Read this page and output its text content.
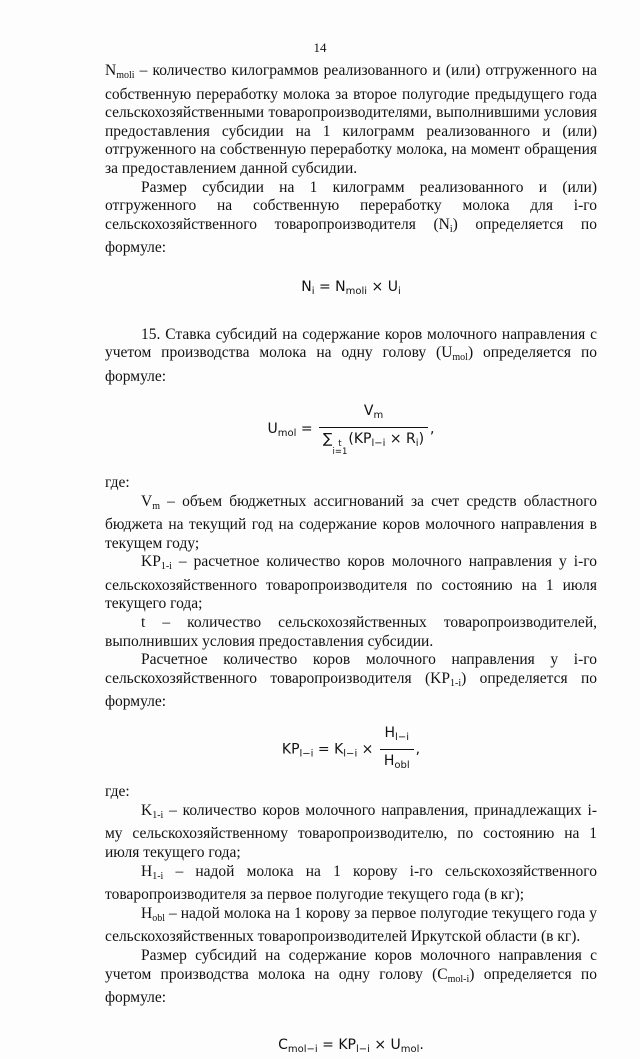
14

$N_{moli}$ – количество килограммов реализованного и (или) отгруженного на собственную переработку молока за второе полугодие предыдущего года сельскохозяйственными товаропроизводителями, выполнившими условия предоставления субсидии на 1 килограмм реализованного и (или) отгруженного на собственную переработку молока, на момент обращения за предоставлением данной субсидии.

Размер субсидии на 1 килограмм реализованного и (или) отгруженного на собственную переработку молока для i-го сельскохозяйственного товаропроизводителя $(N_i)$ определяется по формуле:

$N_i = N_{moli} \times U_i$

15. Ставка субсидий на содержание коров молочного направления с учетом производства молока на одну голову $(U_{mol})$ определяется по формуле:

$U_{mol} = V_m$
∑ t
i=1
$(KP_{l-i} \times R_i)$ ,

где:

$V_m$ – объем бюджетных ассигнований за счет средств областного бюджета на текущий год на содержание коров молочного направления в текущем году;

$KP_{1-i}$ – расчетное количество коров молочного направления у i-го сельскохозяйственного товаропроизводителя по состоянию на 1 июля текущего года;

t – количество сельскохозяйственных товаропроизводителей, выполнивших условия предоставления субсидии.

Расчетное количество коров молочного направления у i-го сельскохозяйственного товаропроизводителя $(KP_{1-i})$ определяется по формуле:

$KP_{l-i} = K_{l-i} \times \frac{H_{l-i}}{H_{obl}}$ ,

где:

$K_{1-i}$ – количество коров молочного направления, принадлежащих i-му сельскохозяйственному товаропроизводителю, по состоянию на 1 июля текущего года;

$H_{1-i}$ – надой молока на 1 корову i-го сельскохозяйственного товаропроизводителя за первое полугодие текущего года (в кг);

$H_{obl}$ – надой молока на 1 корову за первое полугодие текущего года у сельскохозяйственных товаропроизводителей Иркутской области (в кг).

Размер субсидий на содержание коров молочного направления с учетом производства молока на одну голову $(C_{mol-i})$ определяется по формуле:

$C_{mol-i} = KP_{l-i} \times U_{mol}$.
